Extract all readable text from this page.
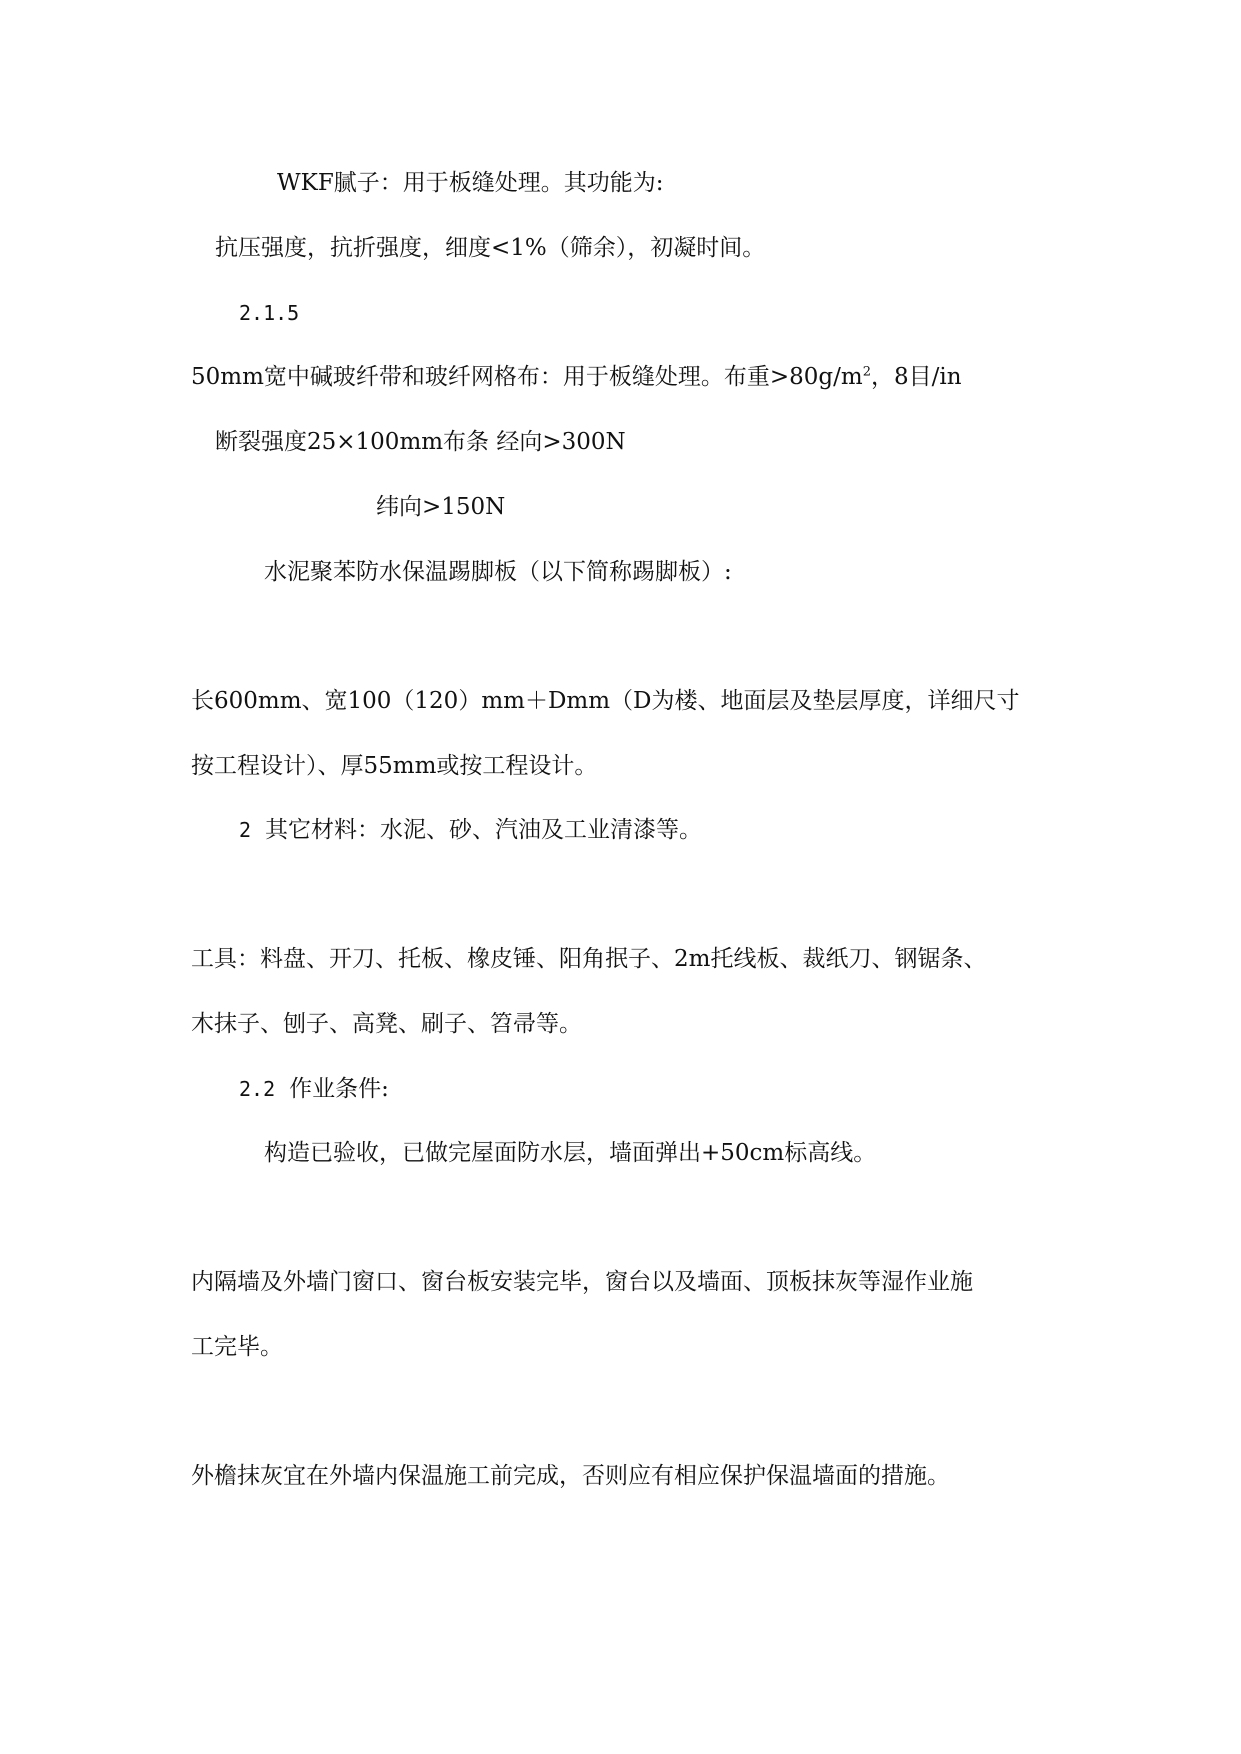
WKF腻子：用于板缝处理。其功能为:

抗压强度，抗折强度，细度<1%（筛余），初凝时间。

2.1.5

50mm宽中碱玻纤带和玻纤网格布：用于板缝处理。布重$>80g/m^2$，8目/in

断裂强度25×100mm布条 经向>300N

纬向>150N

水泥聚苯防水保温踢脚板（以下简称踢脚板）:

长600mm、宽100（120）mm＋Dmm（D为楼、地面层及垫层厚度，详细尺寸

按工程设计）、厚55mm或按工程设计。

2 其它材料：水泥、砂、汽油及工业清漆等。

工具：料盘、开刀、托板、橡皮锤、阳角抿子、2m托线板、裁纸刀、钢锯条、

木抹子、刨子、高凳、刷子、笤帚等。

2.2 作业条件:

构造已验收，已做完屋面防水层，墙面弹出+50cm标高线。

内隔墙及外墙门窗口、窗台板安装完毕，窗台以及墙面、顶板抹灰等湿作业施

工完毕。

外檐抹灰宜在外墙内保温施工前完成，否则应有相应保护保温墙面的措施。
